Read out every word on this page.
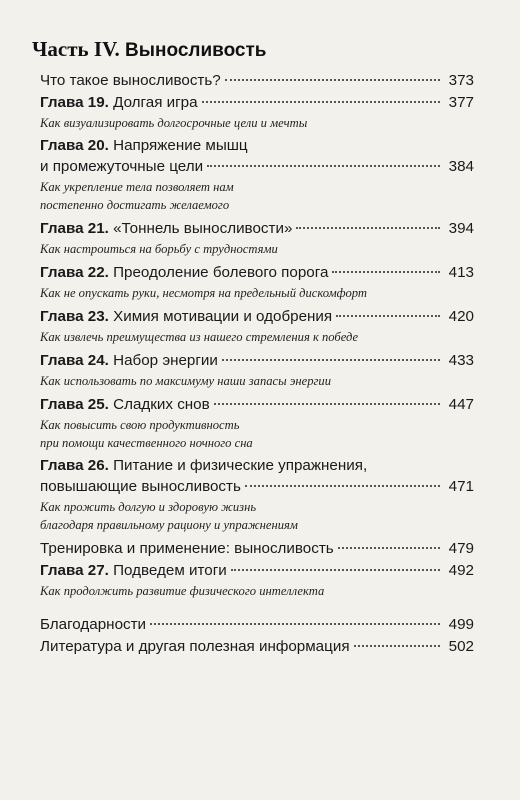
Часть IV. Выносливость
Что такое выносливость?	373
Глава 19. Долгая игра	377
Как визуализировать долгосрочные цели и мечты
Глава 20. Напряжение мышц
и промежуточные цели	384
Как укрепление тела позволяет нам
постепенно достигать желаемого
Глава 21. «Тоннель выносливости»	394
Как настроиться на борьбу с трудностями
Глава 22. Преодоление болевого порога	413
Как не опускать руки, несмотря на предельный дискомфорт
Глава 23. Химия мотивации и одобрения	420
Как извлечь преимущества из нашего стремления к победе
Глава 24. Набор энергии	433
Как использовать по максимуму наши запасы энергии
Глава 25. Сладких снов	447
Как повысить свою продуктивность
при помощи качественного ночного сна
Глава 26. Питание и физические упражнения,
повышающие выносливость	471
Как прожить долгую и здоровую жизнь
благодаря правильному рациону и упражнениям
Тренировка и применение: выносливость	479
Глава 27. Подведем итоги	492
Как продолжить развитие физического интеллекта
Благодарности	499
Литература и другая полезная информация	502
